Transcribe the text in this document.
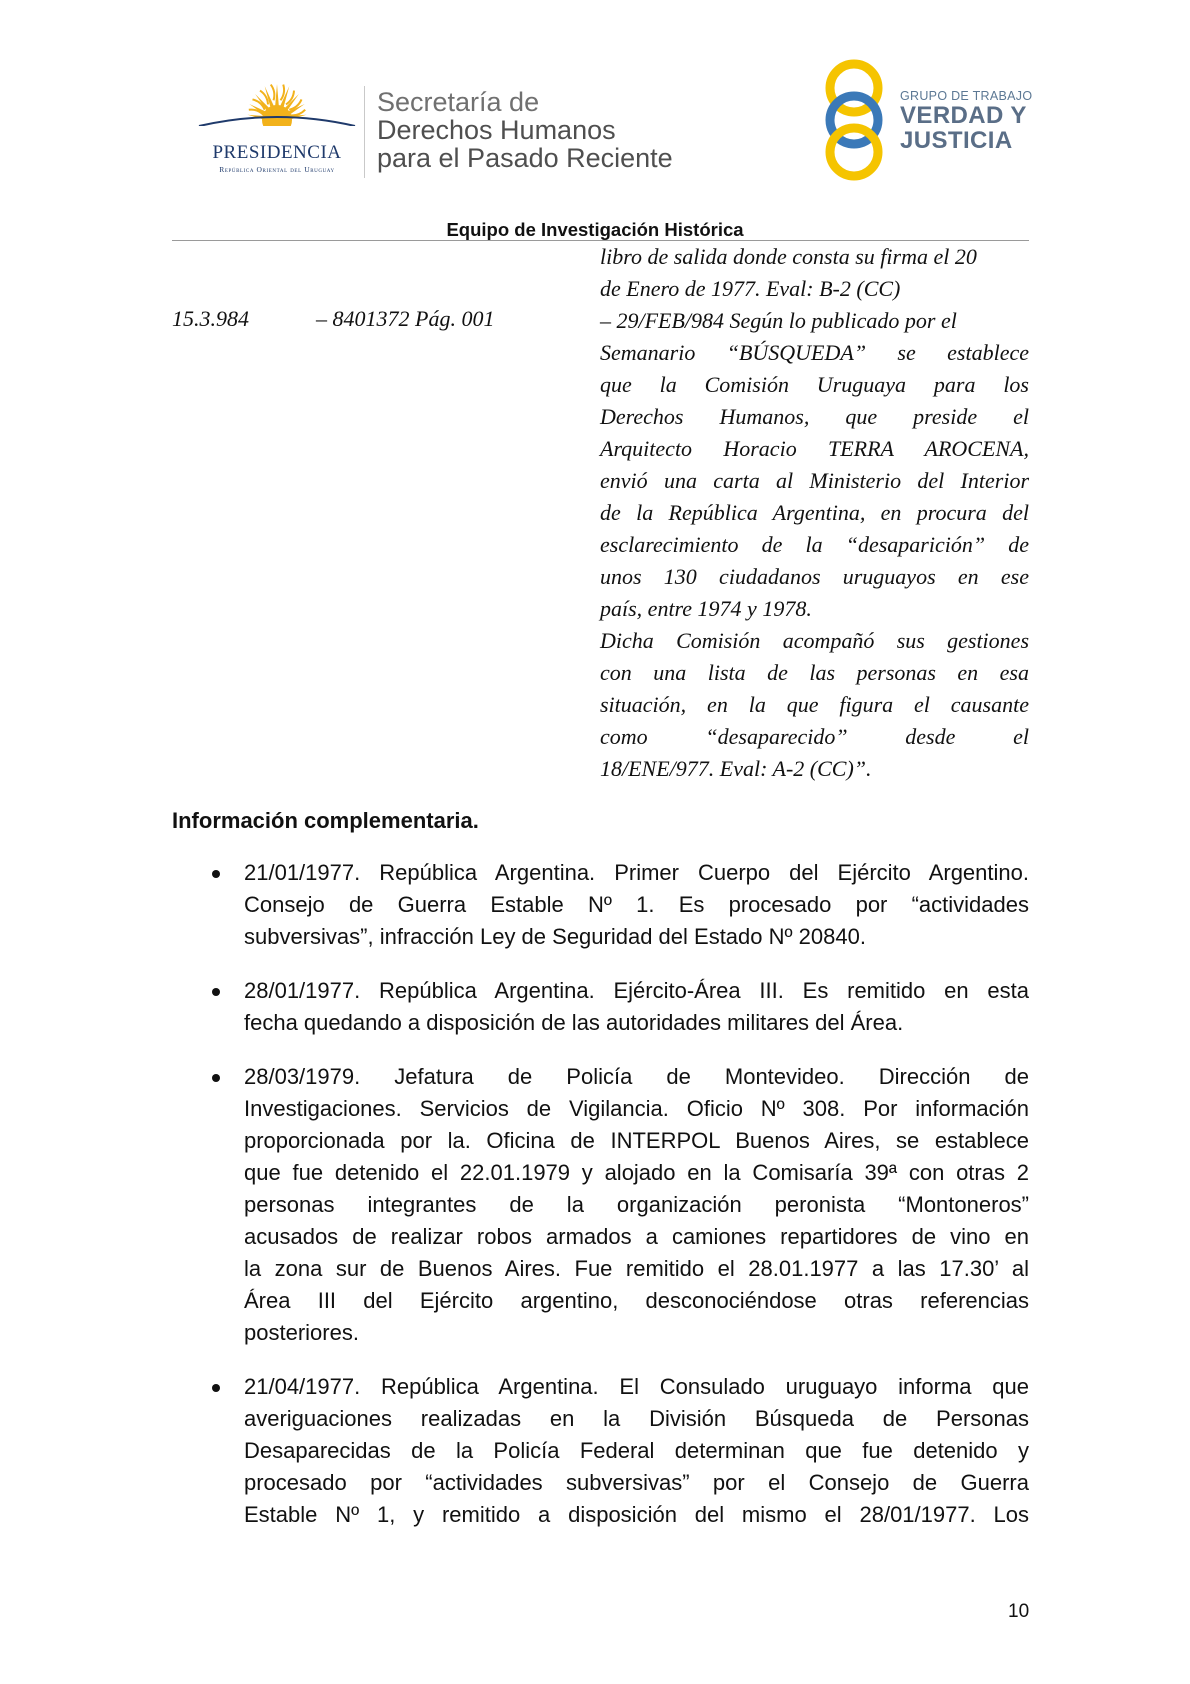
PRESIDENCIA
República Oriental del Uruguay
Secretaría de
Derechos Humanos
para el Pasado Reciente
GRUPO DE TRABAJO
VERDAD Y
JUSTICIA
Equipo de Investigación Histórica
15.3.984	– 8401372 Pág. 001
libro de salida donde consta su firma el 20
de Enero de 1977. Eval: B-2 (CC)
– 29/FEB/984 Según lo publicado por el
Semanario “BÚSQUEDA” se establece
que la Comisión Uruguaya para los
Derechos Humanos, que preside el
Arquitecto Horacio TERRA AROCENA,
envió una carta al Ministerio del Interior
de la República Argentina, en procura del
esclarecimiento de la “desaparición” de
unos 130 ciudadanos uruguayos en ese
país, entre 1974 y 1978.
Dicha Comisión acompañó sus gestiones
con una lista de las personas en esa
situación, en la que figura el causante
como “desaparecido” desde el
18/ENE/977. Eval: A-2 (CC)”.
Información complementaria.
21/01/1977. República Argentina. Primer Cuerpo del Ejército Argentino.
Consejo de Guerra Estable Nº 1. Es procesado por “actividades
subversivas”, infracción Ley de Seguridad del Estado Nº 20840.
28/01/1977. República Argentina. Ejército-Área III. Es remitido en esta
fecha quedando a disposición de las autoridades militares del Área.
28/03/1979. Jefatura de Policía de Montevideo. Dirección de
Investigaciones. Servicios de Vigilancia. Oficio Nº 308. Por información
proporcionada por la. Oficina de INTERPOL Buenos Aires, se establece
que fue detenido el 22.01.1979 y alojado en la Comisaría 39ª con otras 2
personas integrantes de la organización peronista “Montoneros”
acusados de realizar robos armados a camiones repartidores de vino en
la zona sur de Buenos Aires. Fue remitido el 28.01.1977 a las 17.30’ al
Área III del Ejército argentino, desconociéndose otras referencias
posteriores.
21/04/1977. República Argentina. El Consulado uruguayo informa que
averiguaciones realizadas en la División Búsqueda de Personas
Desaparecidas de la Policía Federal determinan que fue detenido y
procesado por “actividades subversivas” por el Consejo de Guerra
Estable Nº 1, y remitido a disposición del mismo el 28/01/1977. Los
10
